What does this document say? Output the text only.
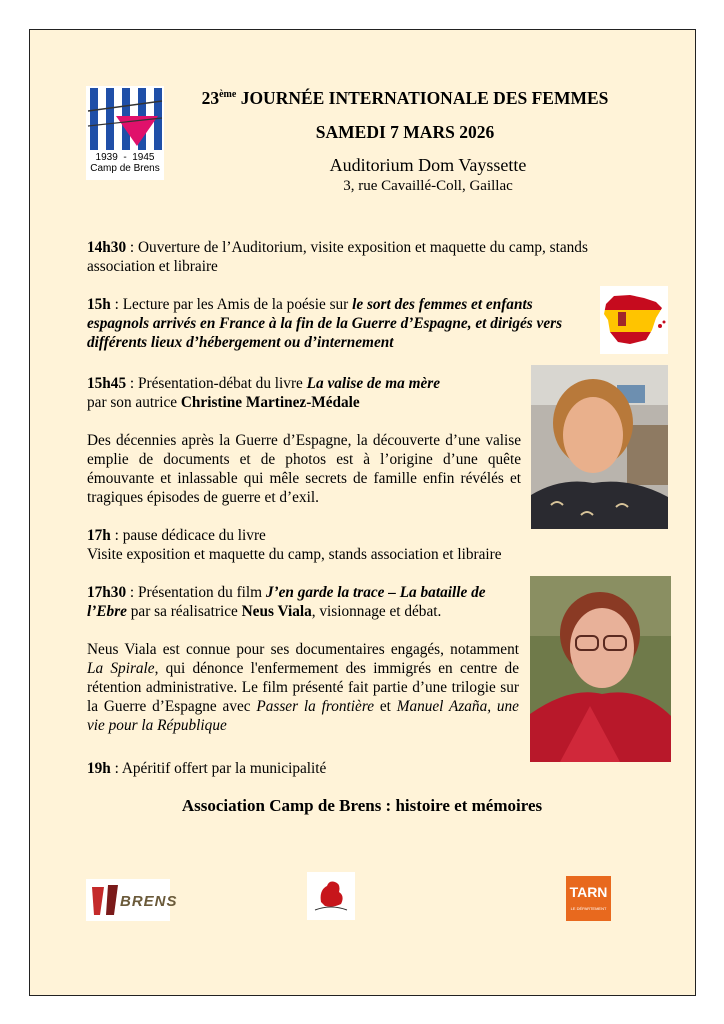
1939 - 1945
Camp de Brens
23ème JOURNÉE INTERNATIONALE DES FEMMES
SAMEDI 7 MARS 2026
Auditorium Dom Vayssette
3, rue Cavaillé-Coll, Gaillac
14h30 : Ouverture de l’Auditorium, visite exposition et maquette du camp, stands association et libraire
15h : Lecture par les Amis de la poésie sur le sort des femmes et enfants espagnols arrivés en France à la fin de la Guerre d’Espagne, et dirigés vers différents lieux d’hébergement ou d’internement
15h45 : Présentation-débat du livre La valise de ma mère
par son autrice Christine Martinez-Médale
Des décennies après la Guerre d’Espagne, la découverte d’une valise emplie de documents et de photos est à l’origine d’une quête émouvante et inlassable qui mêle secrets de famille enfin révélés et tragiques épisodes de guerre et d’exil.
17h : pause dédicace du livre
Visite exposition et maquette du camp, stands association et libraire
17h30 : Présentation du film J’en garde la trace – La bataille de l’Ebre par sa réalisatrice Neus Viala, visionnage et débat.
Neus Viala est connue pour ses documentaires engagés, notamment La Spirale, qui dénonce l'enfermement des immigrés en centre de rétention administrative. Le film présenté fait partie d’une trilogie sur la Guerre d’Espagne avec Passer la frontière et Manuel Azaña, une vie pour la République
19h : Apéritif offert par la municipalité
Association Camp de Brens : histoire et mémoires
BRENS
TARN
LE DÉPARTEMENT
